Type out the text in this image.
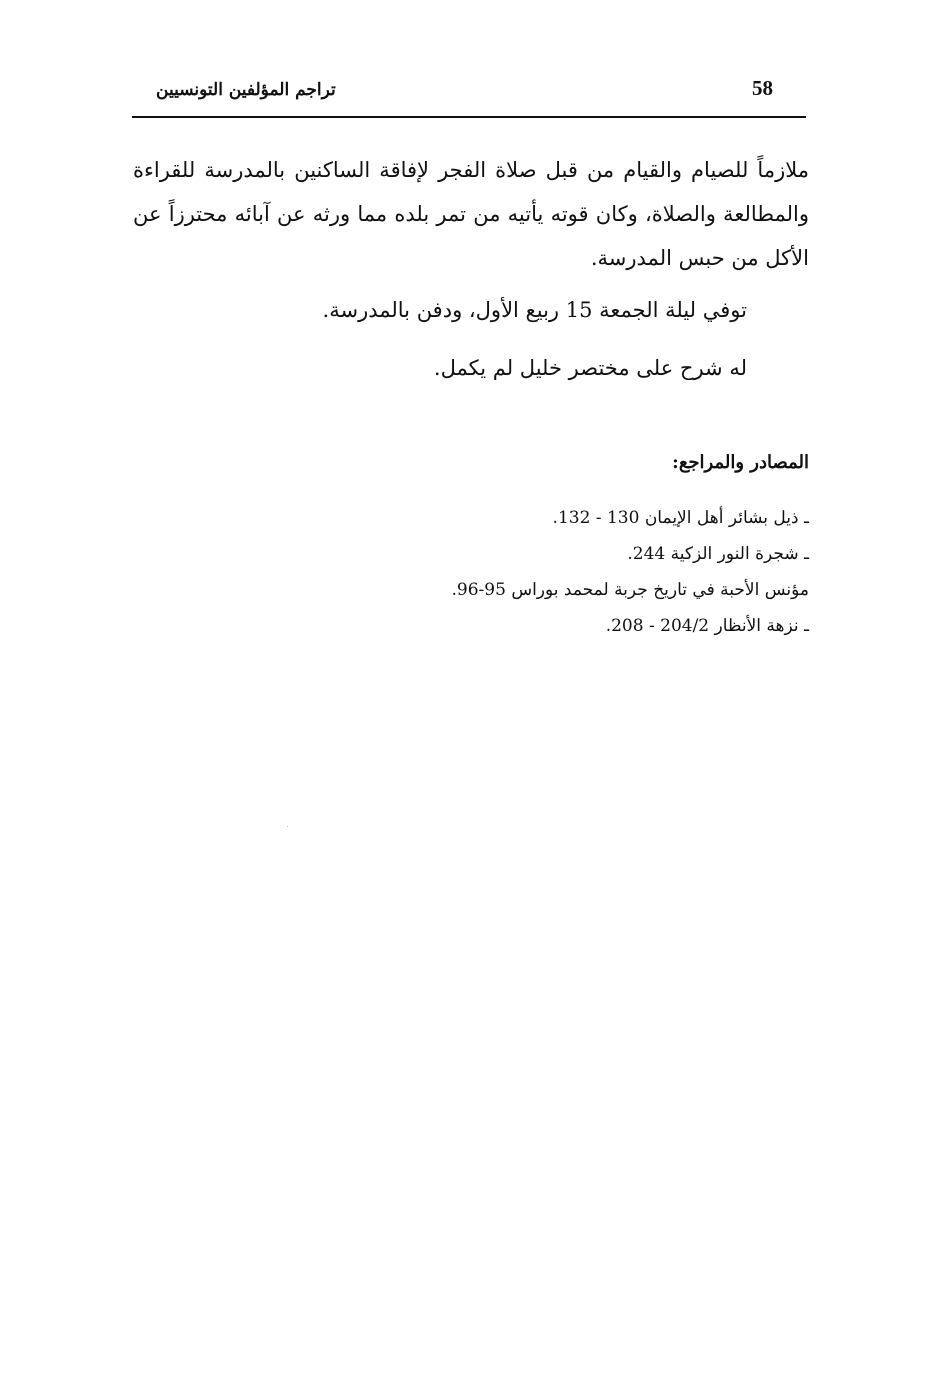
58
تراجم المؤلفين التونسيين

ملازماً للصيام والقيام من قبل صلاة الفجر لإفاقة الساكنين بالمدرسة للقراءة والمطالعة والصلاة، وكان قوته يأتيه من تمر بلده مما ورثه عن آبائه محترزاً عن الأكل من حبس المدرسة.

توفي ليلة الجمعة 15 ربيع الأول، ودفن بالمدرسة.

له شرح على مختصر خليل لم يكمل.

المصادر والمراجع:
ـ ذيل بشائر أهل الإيمان 130 - 132.
ـ شجرة النور الزكية 244.
مؤنس الأحبة في تاريخ جربة لمحمد بوراس 95-96.
ـ نزهة الأنظار 204/2 - 208.
